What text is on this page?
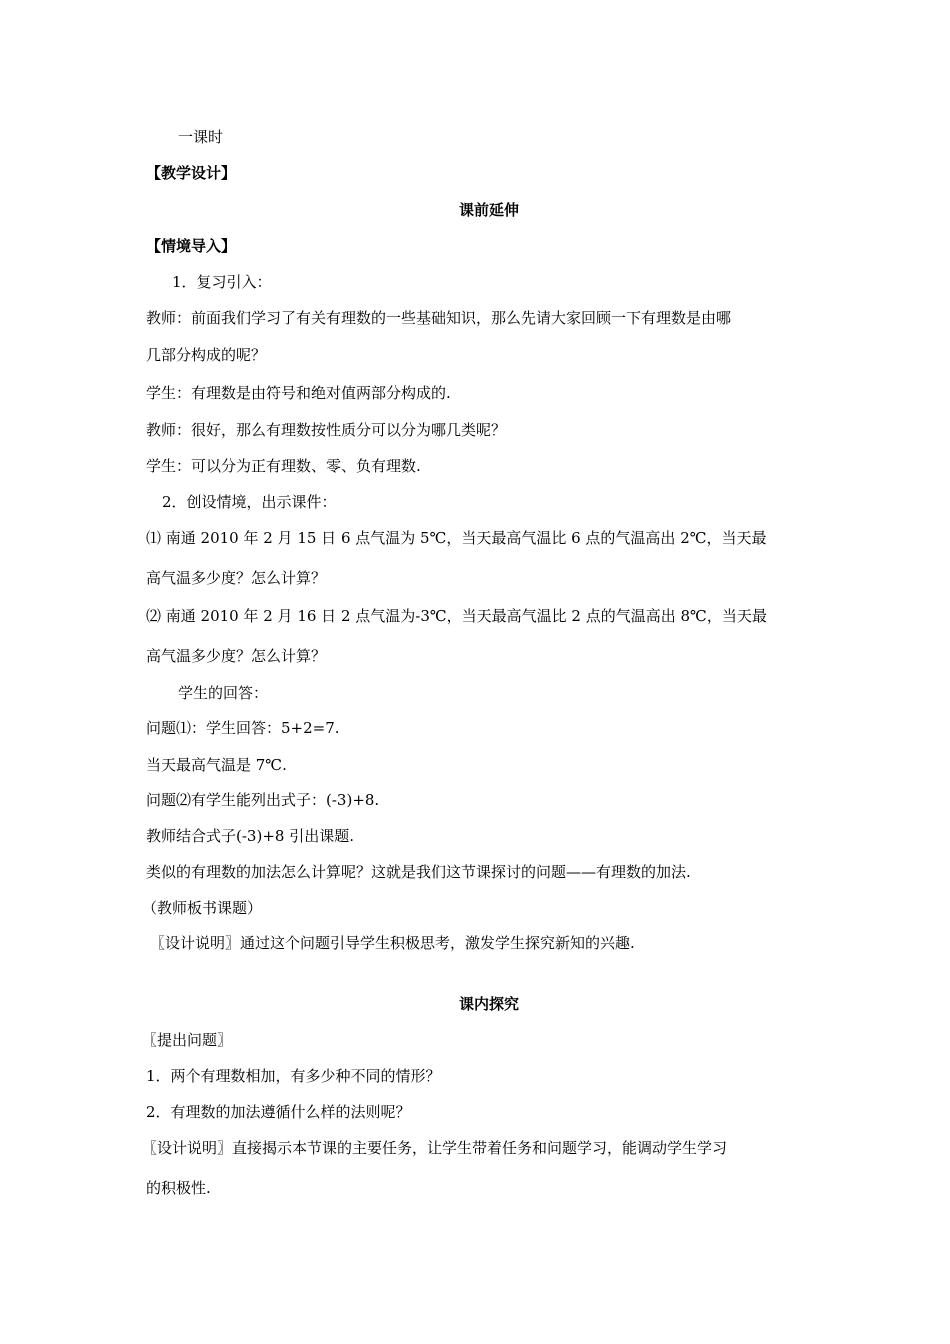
一课时
【教学设计】
课前延伸
【情境导入】
1．复习引入：
教师：前面我们学习了有关有理数的一些基础知识，那么先请大家回顾一下有理数是由哪
几部分构成的呢？
学生：有理数是由符号和绝对值两部分构成的.
教师：很好，那么有理数按性质分可以分为哪几类呢？
学生：可以分为正有理数、零、负有理数.
2．创设情境，出示课件：
⑴ 南通 2010 年 2 月 15 日 6 点气温为 5℃，当天最高气温比 6 点的气温高出 2℃，当天最
高气温多少度？怎么计算？
⑵ 南通 2010 年 2 月 16 日 2 点气温为-3℃，当天最高气温比 2 点的气温高出 8℃，当天最
高气温多少度？怎么计算？
学生的回答：
问题⑴：学生回答：5+2=7.
当天最高气温是 7℃.
问题⑵有学生能列出式子：(-3)+8.
教师结合式子(-3)+8 引出课题.
类似的有理数的加法怎么计算呢？这就是我们这节课探讨的问题——有理数的加法.
（教师板书课题）
〖设计说明〗通过这个问题引导学生积极思考，激发学生探究新知的兴趣.
课内探究
〖提出问题〗
1．两个有理数相加，有多少种不同的情形？
2．有理数的加法遵循什么样的法则呢？
〖设计说明〗直接揭示本节课的主要任务，让学生带着任务和问题学习，能调动学生学习
的积极性.
